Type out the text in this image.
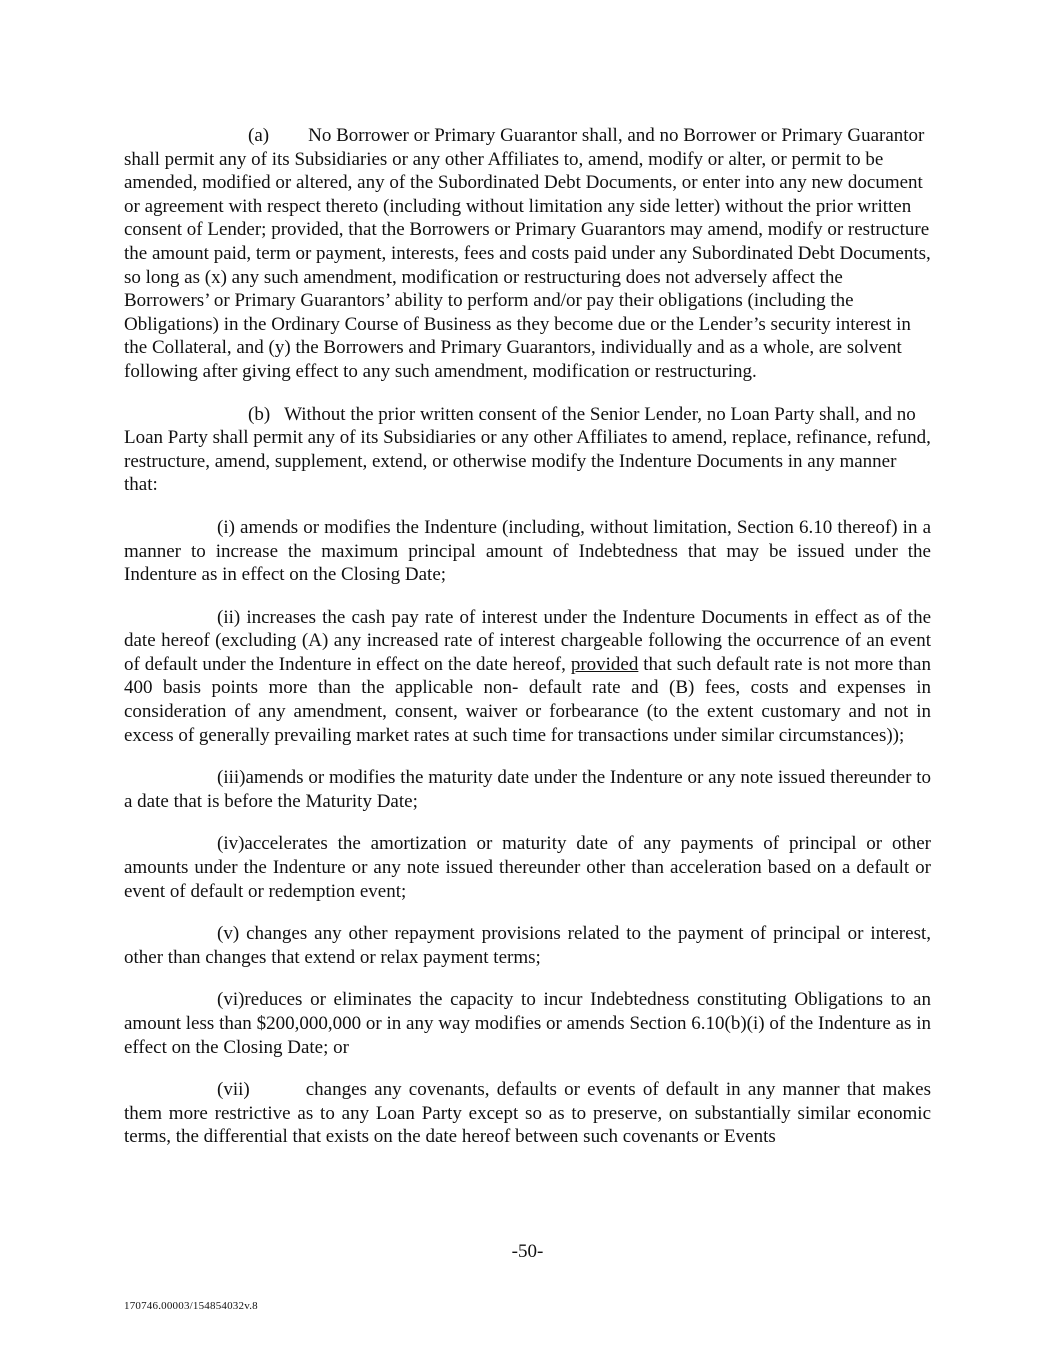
(a) No Borrower or Primary Guarantor shall, and no Borrower or Primary Guarantor shall permit any of its Subsidiaries or any other Affiliates to, amend, modify or alter, or permit to be amended, modified or altered, any of the Subordinated Debt Documents, or enter into any new document or agreement with respect thereto (including without limitation any side letter) without the prior written consent of Lender; provided, that the Borrowers or Primary Guarantors may amend, modify or restructure the amount paid, term or payment, interests, fees and costs paid under any Subordinated Debt Documents, so long as (x) any such amendment, modification or restructuring does not adversely affect the Borrowers’ or Primary Guarantors’ ability to perform and/or pay their obligations (including the Obligations) in the Ordinary Course of Business as they become due or the Lender’s security interest in the Collateral, and (y) the Borrowers and Primary Guarantors, individually and as a whole, are solvent following after giving effect to any such amendment, modification or restructuring.

(b) Without the prior written consent of the Senior Lender, no Loan Party shall, and no Loan Party shall permit any of its Subsidiaries or any other Affiliates to amend, replace, refinance, refund, restructure, amend, supplement, extend, or otherwise modify the Indenture Documents in any manner that:

(i) amends or modifies the Indenture (including, without limitation, Section 6.10 thereof) in a manner to increase the maximum principal amount of Indebtedness that may be issued under the Indenture as in effect on the Closing Date;

(ii) increases the cash pay rate of interest under the Indenture Documents in effect as of the date hereof (excluding (A) any increased rate of interest chargeable following the occurrence of an event of default under the Indenture in effect on the date hereof, provided that such default rate is not more than 400 basis points more than the applicable non- default rate and (B) fees, costs and expenses in consideration of any amendment, consent, waiver or forbearance (to the extent customary and not in excess of generally prevailing market rates at such time for transactions under similar circumstances));

(iii)amends or modifies the maturity date under the Indenture or any note issued thereunder to a date that is before the Maturity Date;

(iv)accelerates the amortization or maturity date of any payments of principal or other amounts under the Indenture or any note issued thereunder other than acceleration based on a default or event of default or redemption event;

(v) changes any other repayment provisions related to the payment of principal or interest, other than changes that extend or relax payment terms;

(vi)reduces or eliminates the capacity to incur Indebtedness constituting Obligations to an amount less than $200,000,000 or in any way modifies or amends Section 6.10(b)(i) of the Indenture as in effect on the Closing Date; or

(vii)	changes any covenants, defaults or events of default in any manner that makes them more restrictive as to any Loan Party except so as to preserve, on substantially similar economic terms, the differential that exists on the date hereof between such covenants or Events

-50-
170746.00003/154854032v.8
